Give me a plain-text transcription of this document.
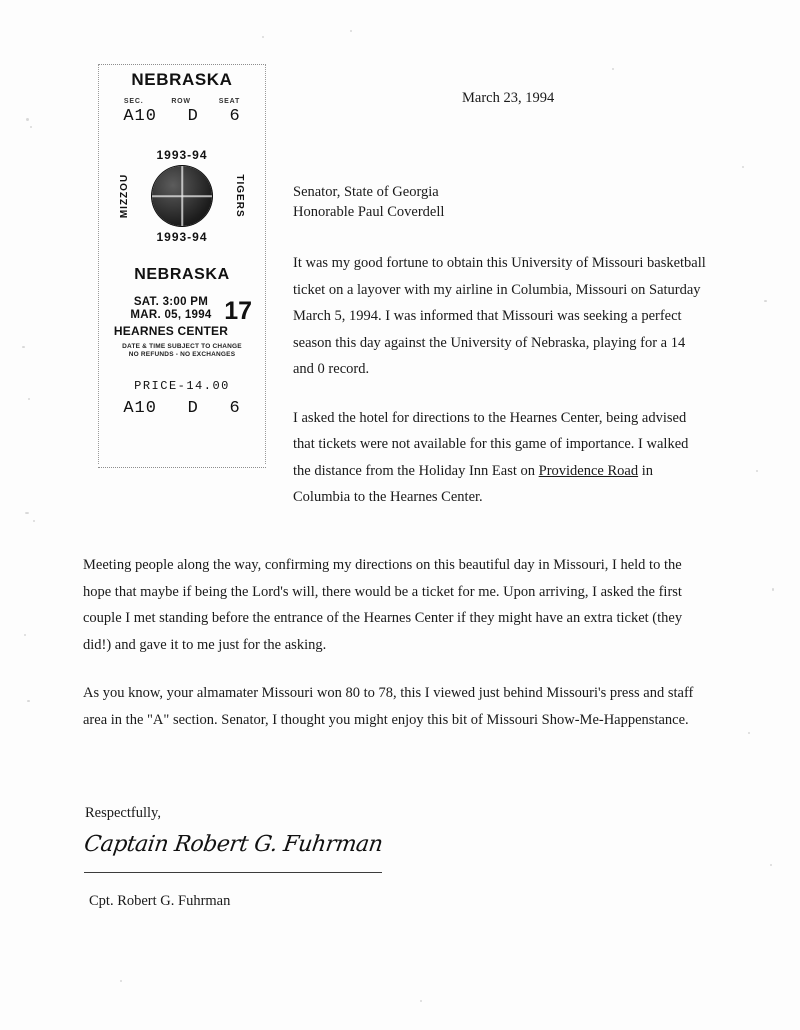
NEBRASKA
SEC.	ROW	SEAT
A10 D 6
1993-94
MIZZOU	TIGERS
1993-94
NEBRASKA
17
SAT. 3:00 PM
MAR. 05, 1994
HEARNES CENTER
DATE & TIME SUBJECT TO CHANGE
NO REFUNDS - NO EXCHANGES
PRICE-14.00
A10 D 6
March 23, 1994
Senator, State of Georgia
Honorable Paul Coverdell
It was my good fortune to obtain this University of Missouri basketball ticket on a layover with my airline in Columbia, Missouri on Saturday March 5, 1994. I was informed that Missouri was seeking a perfect season this day against the University of Nebraska, playing for a 14 and 0 record.
I asked the hotel for directions to the Hearnes Center, being advised that tickets were not available for this game of importance. I walked the distance from the Holiday Inn East on Providence Road in Columbia to the Hearnes Center.
Meeting people along the way, confirming my directions on this beautiful day in Missouri, I held to the hope that maybe if being the Lord's will, there would be a ticket for me. Upon arriving, I asked the first couple I met standing before the entrance of the Hearnes Center if they might have an extra ticket (they did!) and gave it to me just for the asking.
As you know, your almamater Missouri won 80 to 78, this I viewed just behind Missouri's press and staff area in the "A" section. Senator, I thought you might enjoy this bit of Missouri Show-Me-Happenstance.
Respectfully,
Captain Robert G. Fuhrman
Cpt. Robert G. Fuhrman
